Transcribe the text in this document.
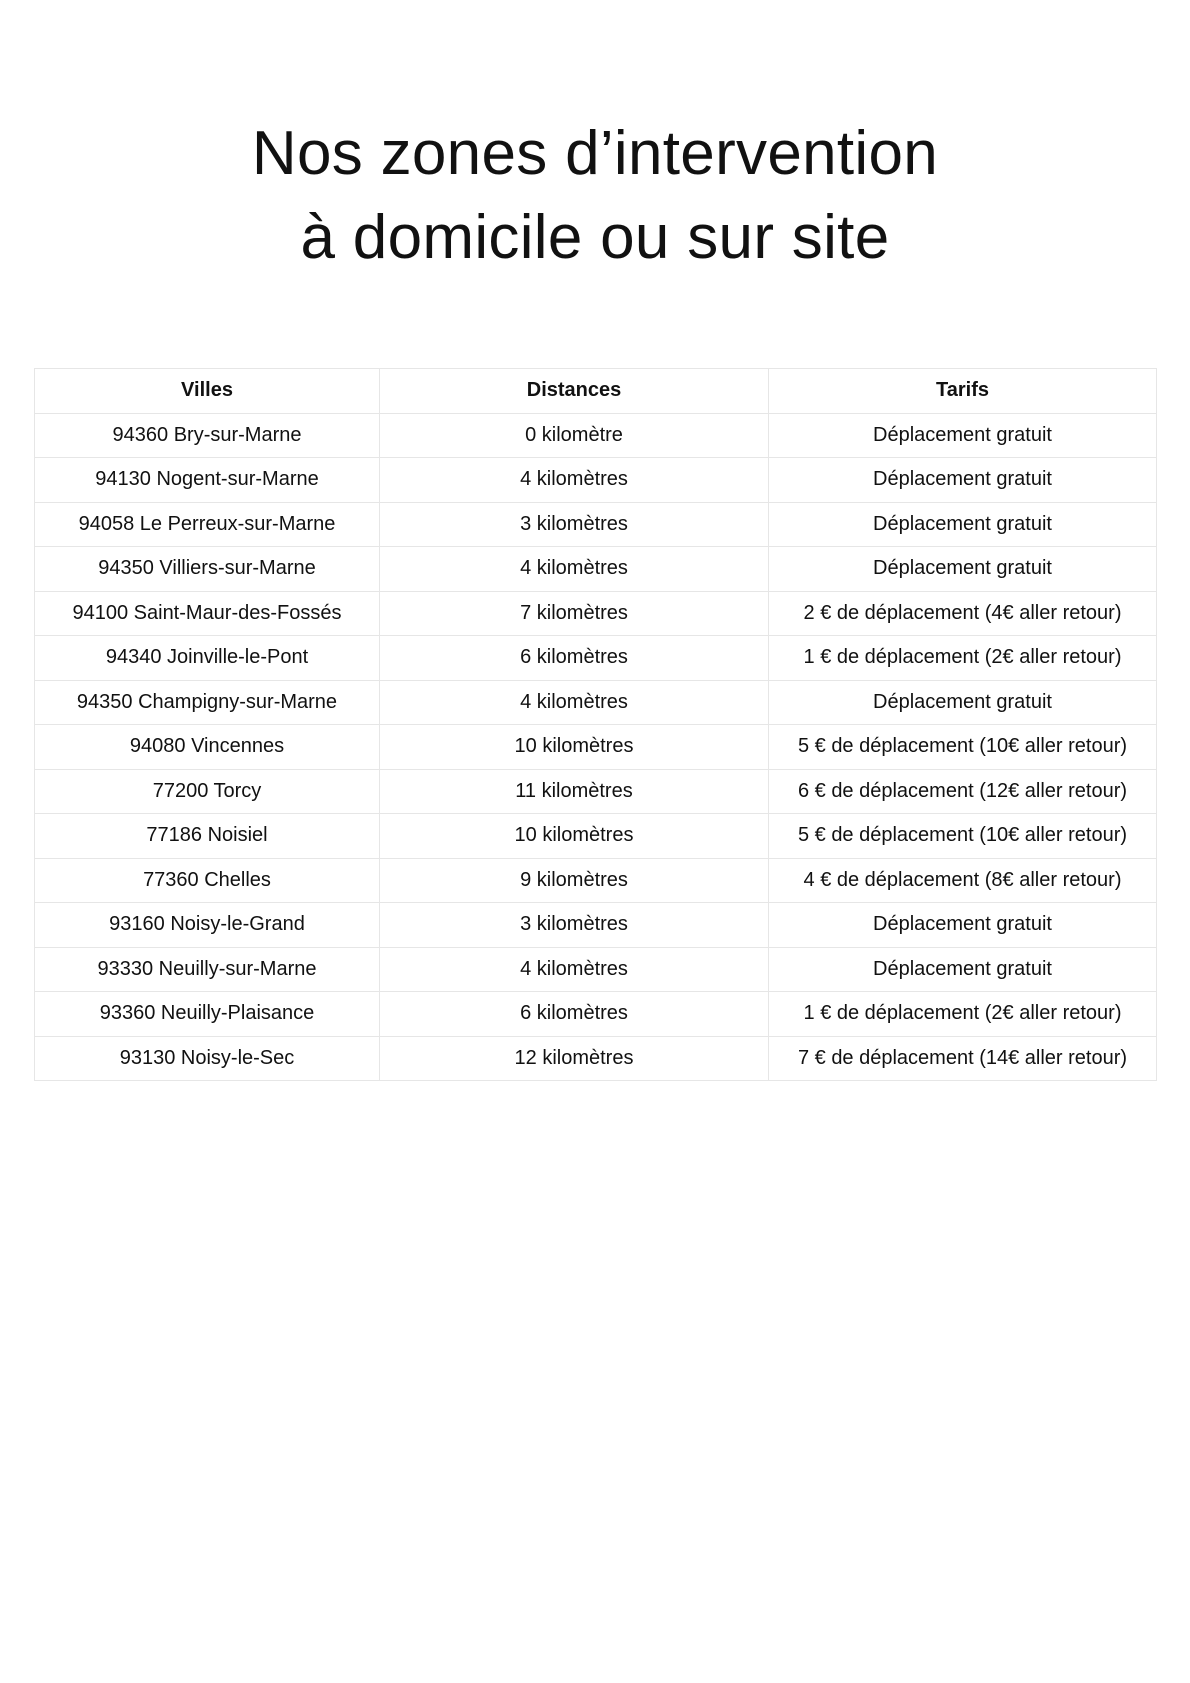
Nos zones d’intervention
à domicile ou sur site
Villes	Distances	Tarifs
94360 Bry-sur-Marne	0 kilomètre	Déplacement gratuit
94130 Nogent-sur-Marne	4 kilomètres	Déplacement gratuit
94058 Le Perreux-sur-Marne	3 kilomètres	Déplacement gratuit
94350 Villiers-sur-Marne	4 kilomètres	Déplacement gratuit
94100 Saint-Maur-des-Fossés	7 kilomètres	2 € de déplacement (4€ aller retour)
94340 Joinville-le-Pont	6 kilomètres	1 € de déplacement (2€ aller retour)
94350 Champigny-sur-Marne	4 kilomètres	Déplacement gratuit
94080 Vincennes	10 kilomètres	5 € de déplacement (10€ aller retour)
77200 Torcy	11 kilomètres	6 € de déplacement (12€ aller retour)
77186 Noisiel	10 kilomètres	5 € de déplacement (10€ aller retour)
77360 Chelles	9 kilomètres	4 € de déplacement (8€ aller retour)
93160 Noisy-le-Grand	3 kilomètres	Déplacement gratuit
93330 Neuilly-sur-Marne	4 kilomètres	Déplacement gratuit
93360 Neuilly-Plaisance	6 kilomètres	1 € de déplacement (2€ aller retour)
93130 Noisy-le-Sec	12 kilomètres	7 € de déplacement (14€ aller retour)
